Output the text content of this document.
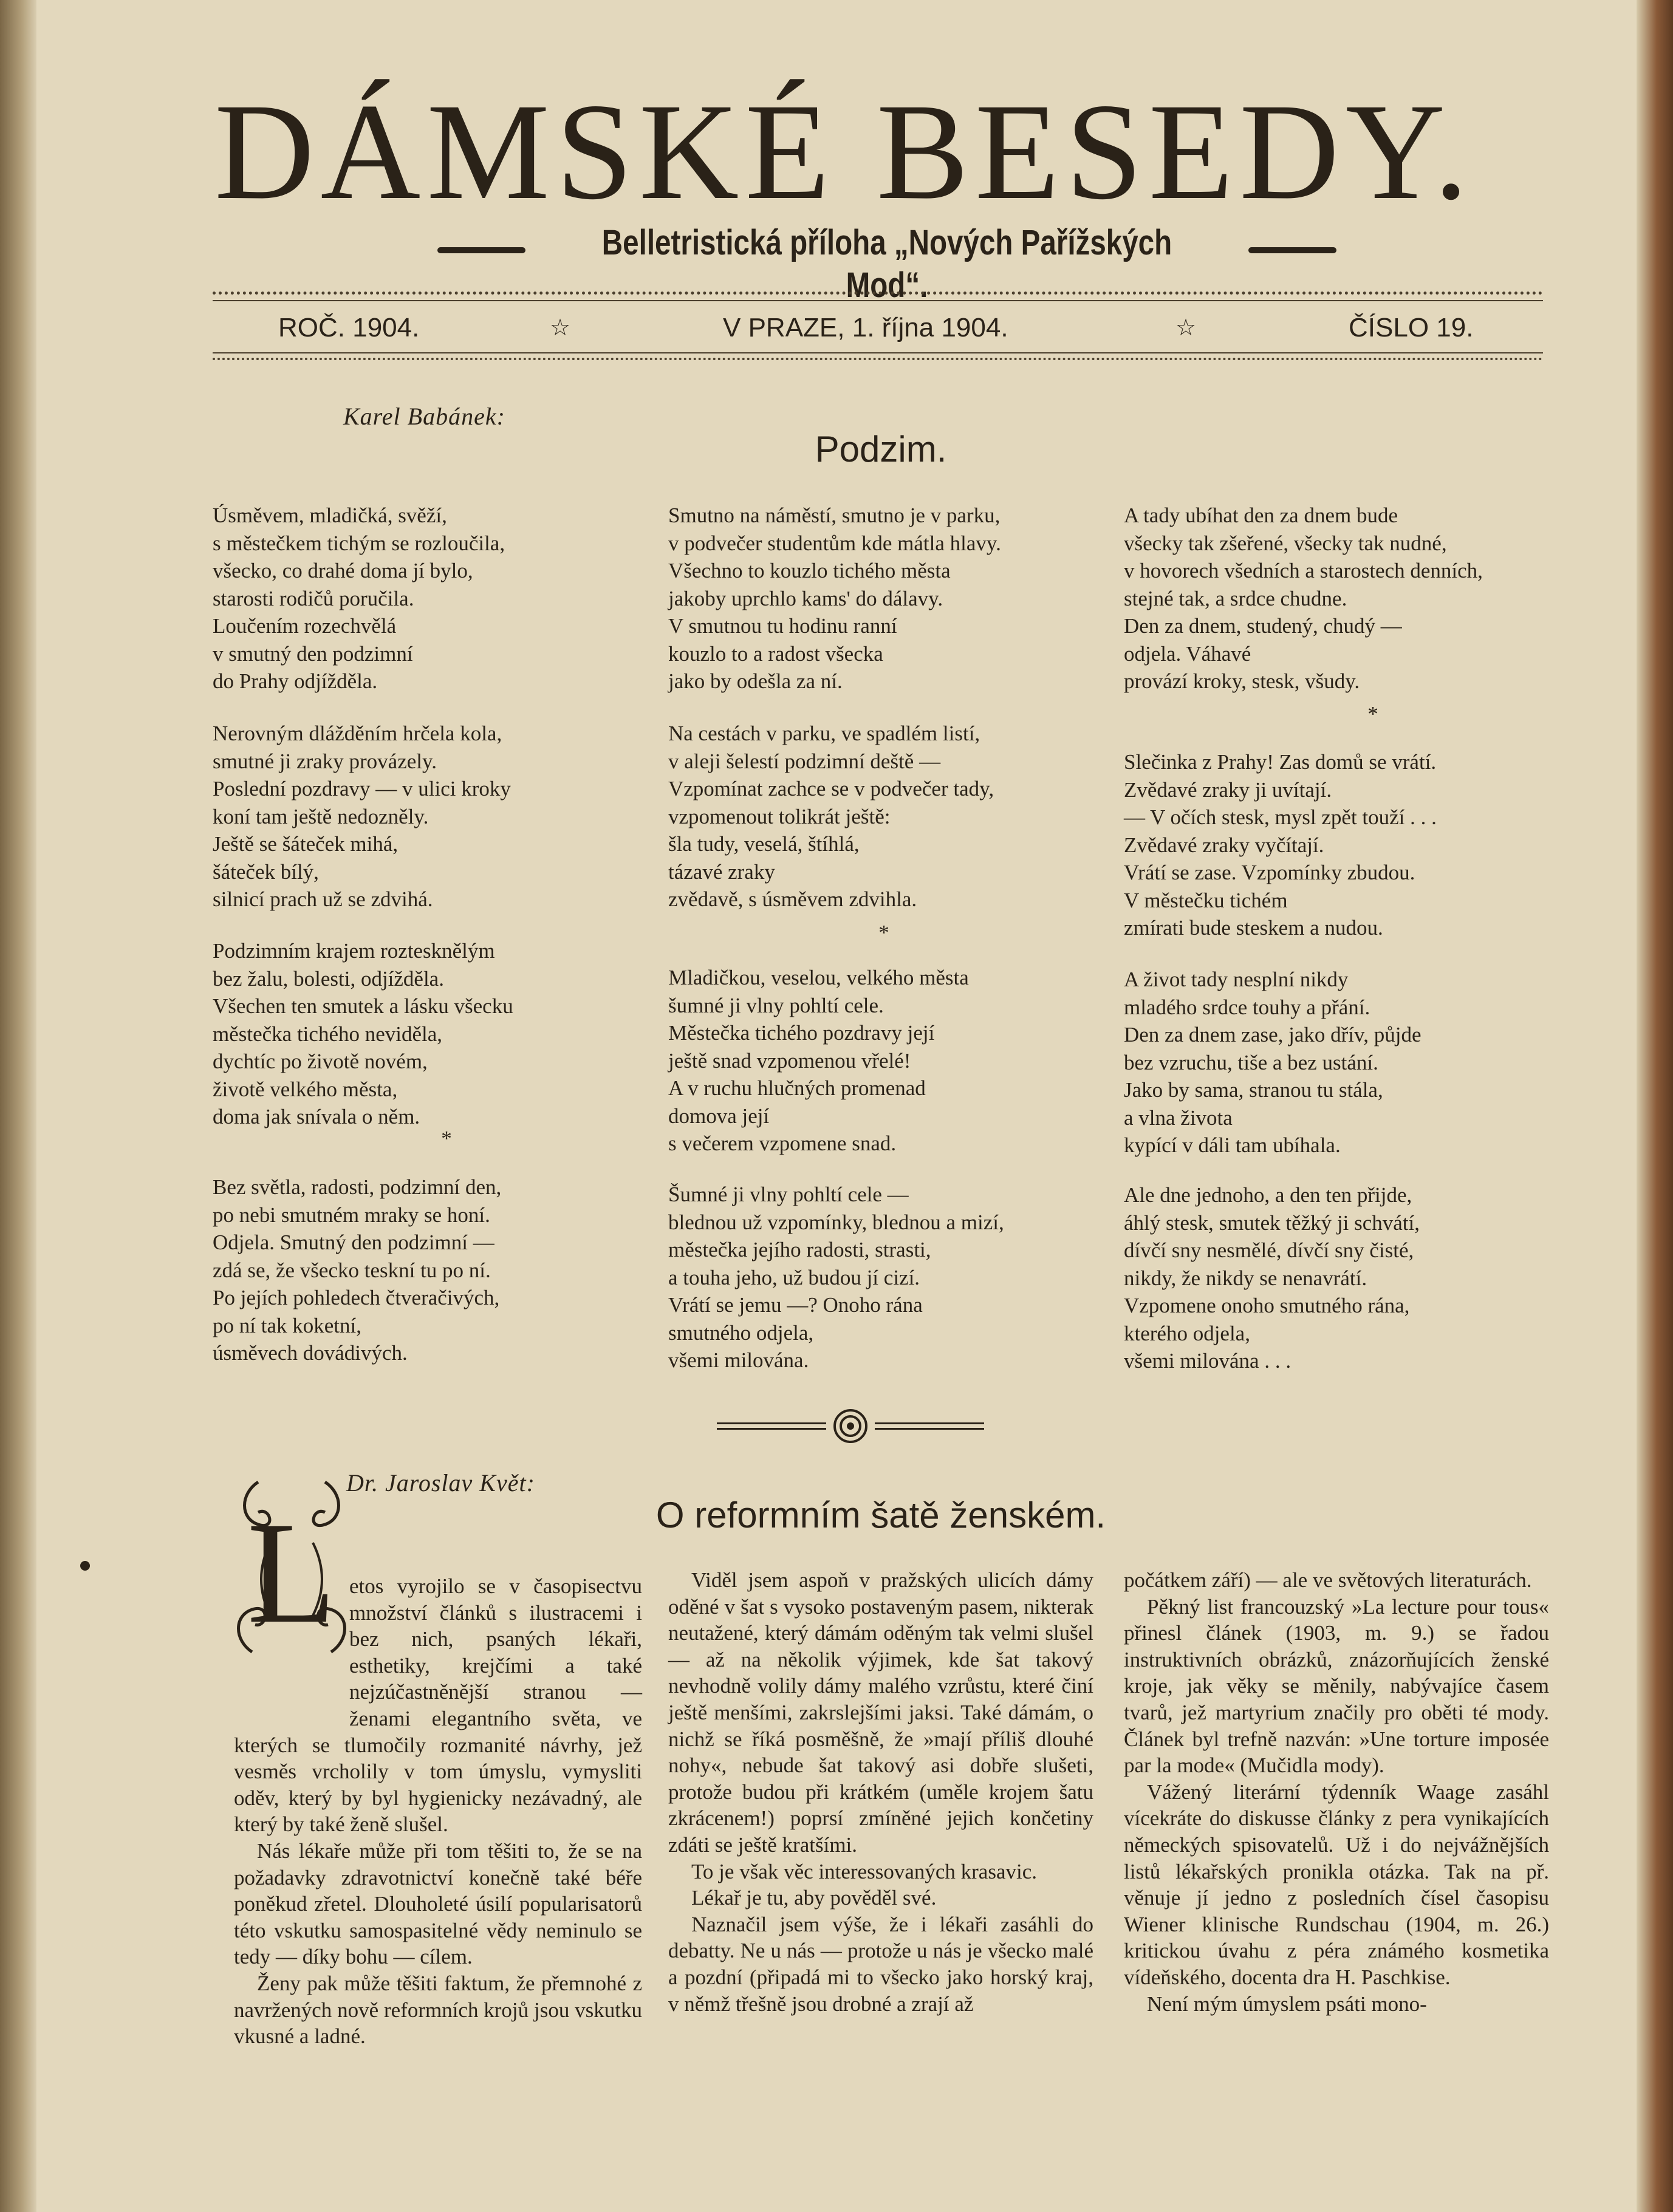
DÁMSKÉ BESEDY.
Belletristická příloha „Nových Pařížských Mod“.
ROČ. 1904.	☆	V PRAZE, 1. října 1904.	☆	ČÍSLO 19.
Karel Babánek:
Podzim.
Úsměvem, mladičká, svěží,
s městečkem tichým se rozloučila,
všecko, co drahé doma jí bylo,
starosti rodičů poručila.
Loučením rozechvělá
v smutný den podzimní
do Prahy odjížděla.
Nerovným dlážděním hrčela kola,
smutné ji zraky provázely.
Poslední pozdravy — v ulici kroky
koní tam ještě nedozněly.
Ještě se šáteček mihá,
šáteček bílý,
silnicí prach už se zdvihá.
Podzimním krajem roztesknělým
bez žalu, bolesti, odjížděla.
Všechen ten smutek a lásku všecku
městečka tichého neviděla,
dychtíc po životě novém,
životě velkého města,
doma jak snívala o něm.
*
Bez světla, radosti, podzimní den,
po nebi smutném mraky se honí.
Odjela. Smutný den podzimní —
zdá se, že všecko teskní tu po ní.
Po jejích pohledech čtveračivých,
po ní tak koketní,
úsměvech dovádivých.
Smutno na náměstí, smutno je v parku,
v podvečer studentům kde mátla hlavy.
Všechno to kouzlo tichého města
jakoby uprchlo kams' do dálavy.
V smutnou tu hodinu ranní
kouzlo to a radost všecka
jako by odešla za ní.
Na cestách v parku, ve spadlém listí,
v aleji šelestí podzimní deště —
Vzpomínat zachce se v podvečer tady,
vzpomenout tolikrát ještě:
šla tudy, veselá, štíhlá,
tázavé zraky
zvědavě, s úsměvem zdvihla.
*
Mladičkou, veselou, velkého města
šumné ji vlny pohltí cele.
Městečka tichého pozdravy její
ještě snad vzpomenou vřelé!
A v ruchu hlučných promenad
domova její
s večerem vzpomene snad.
Šumné ji vlny pohltí cele —
blednou už vzpomínky, blednou a mizí,
městečka jejího radosti, strasti,
a touha jeho, už budou jí cizí.
Vrátí se jemu —? Onoho rána
smutného odjela,
všemi milována.
A tady ubíhat den za dnem bude
všecky tak zšeřené, všecky tak nudné,
v hovorech všedních a starostech denních,
stejné tak, a srdce chudne.
Den za dnem, studený, chudý —
odjela. Váhavé
provází kroky, stesk, všudy.
*
Slečinka z Prahy! Zas domů se vrátí.
Zvědavé zraky ji uvítají.
— V očích stesk, mysl zpět touží . . .
Zvědavé zraky vyčítají.
Vrátí se zase. Vzpomínky zbudou.
V městečku tichém
zmírati bude steskem a nudou.
A život tady nesplní nikdy
mladého srdce touhy a přání.
Den za dnem zase, jako dřív, půjde
bez vzruchu, tiše a bez ustání.
Jako by sama, stranou tu stála,
a vlna života
kypící v dáli tam ubíhala.
Ale dne jednoho, a den ten přijde,
áhlý stesk, smutek těžký ji schvátí,
dívčí sny nesmělé, dívčí sny čisté,
nikdy, že nikdy se nenavrátí.
Vzpomene onoho smutného rána,
kterého odjela,
všemi milována . . .
Dr. Jaroslav Květ:
O reformním šatě ženském.
L etos vyrojilo se v časopisectvu množství článků s ilustracemi i bez nich, psaných lékaři, esthetiky, krejčími a také nejzúčastněnější stranou — ženami elegantního světa, ve kterých se tlumočily rozmanité návrhy, jež vesměs vrcholily v tom úmyslu, vymysliti oděv, který by byl hygienicky nezávadný, ale který by také ženě slušel.

Nás lékaře může při tom těšiti to, že se na požadavky zdravotnictví konečně také béře poněkud zřetel. Dlouholeté úsilí popularisatorů této vskutku samospasitelné vědy neminulo se tedy — díky bohu — cílem.

Ženy pak může těšiti faktum, že přemnohé z navržených nově reformních krojů jsou vskutku vkusné a ladné.

Viděl jsem aspoň v pražských ulicích dámy oděné v šat s vysoko postaveným pasem, nikterak neutažené, který dámám oděným tak velmi slušel — až na několik výjimek, kde šat takový nevhodně volily dámy malého vzrůstu, které činí ještě menšími, zakrslejšími jaksi. Také dámám, o nichž se říká posměšně, že »mají příliš dlouhé nohy«, nebude šat takový asi dobře slušeti, protože budou při krátkém (uměle krojem šatu zkrácenem!) poprsí zmíněné jejich končetiny zdáti se ještě kratšími.

To je však věc interessovaných krasavic.

Lékař je tu, aby pověděl své.

Naznačil jsem výše, že i lékaři zasáhli do debatty. Ne u nás — protože u nás je všecko malé a pozdní (připadá mi to všecko jako horský kraj, v němž třešně jsou drobné a zrají až

počátkem září) — ale ve světových literaturách.

Pěkný list francouzský »La lecture pour tous« přinesl článek (1903, m. 9.) se řadou instruktivních obrázků, znázorňujících ženské kroje, jak věky se měnily, nabývajíce časem tvarů, jež martyrium značily pro oběti té mody. Článek byl trefně nazván: »Une torture imposée par la mode« (Mučidla mody).

Vážený literární týdenník Waage zasáhl vícekráte do diskusse články z pera vynikajících německých spisovatelů. Už i do nejvážnějších listů lékařských pronikla otázka. Tak na př. věnuje jí jedno z posledních čísel časopisu Wiener klinische Rundschau (1904, m. 26.) kritickou úvahu z péra známého kosmetika vídeňského, docenta dra H. Paschkise.

Není mým úmyslem psáti mono-
